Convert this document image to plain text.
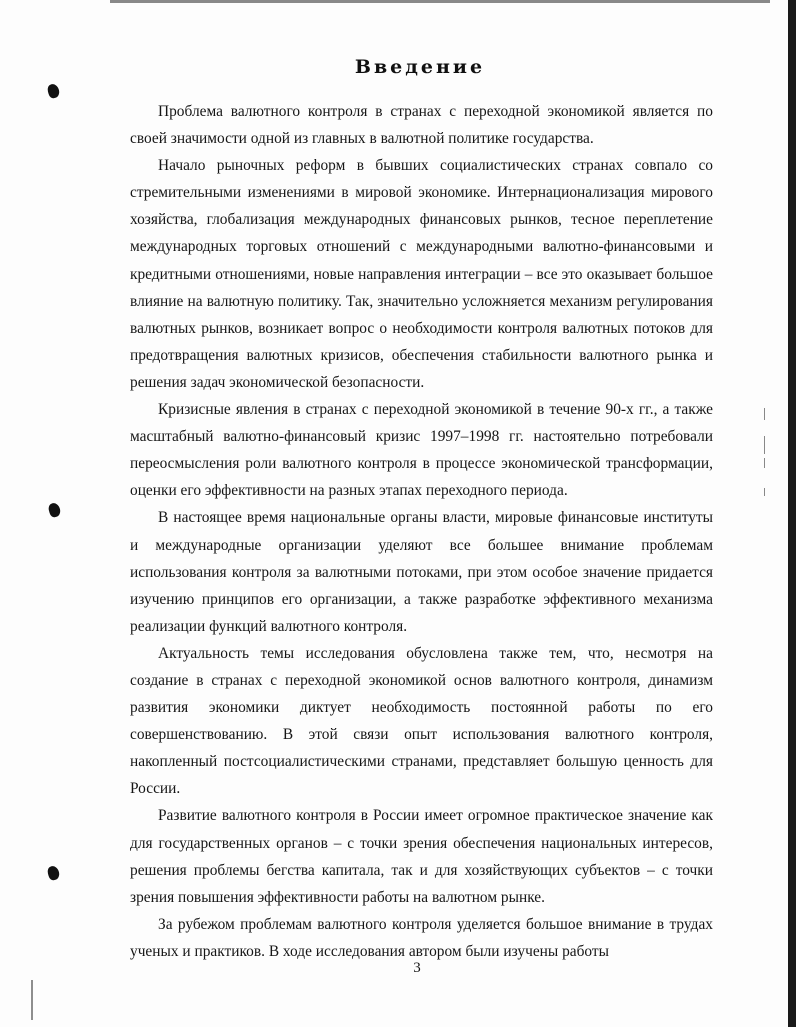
Введение

Проблема валютного контроля в странах с переходной экономикой является по своей значимости одной из главных в валютной политике государства.

Начало рыночных реформ в бывших социалистических странах совпало со стремительными изменениями в мировой экономике. Интернационализация мирового хозяйства, глобализация международных финансовых рынков, тесное переплетение международных торговых отношений с международными валютно-финансовыми и кредитными отношениями, новые направления интеграции – все это оказывает большое влияние на валютную политику. Так, значительно усложняется механизм регулирования валютных рынков, возникает вопрос о необходимости контроля валютных потоков для предотвращения валютных кризисов, обеспечения стабильности валютного рынка и решения задач экономической безопасности.

Кризисные явления в странах с переходной экономикой в течение 90-х гг., а также масштабный валютно-финансовый кризис 1997–1998 гг. настоятельно потребовали переосмысления роли валютного контроля в процессе экономической трансформации, оценки его эффективности на разных этапах переходного периода.

В настоящее время национальные органы власти, мировые финансовые институты и международные организации уделяют все большее внимание проблемам использования контроля за валютными потоками, при этом особое значение придается изучению принципов его организации, а также разработке эффективного механизма реализации функций валютного контроля.

Актуальность темы исследования обусловлена также тем, что, несмотря на создание в странах с переходной экономикой основ валютного контроля, динамизм развития экономики диктует необходимость постоянной работы по его совершенствованию. В этой связи опыт использования валютного контроля, накопленный постсоциалистическими странами, представляет большую ценность для России.

Развитие валютного контроля в России имеет огромное практическое значение как для государственных органов – с точки зрения обеспечения национальных интересов, решения проблемы бегства капитала, так и для хозяйствующих субъектов – с точки зрения повышения эффективности работы на валютном рынке.

За рубежом проблемам валютного контроля уделяется большое внимание в трудах ученых и практиков. В ходе исследования автором были изучены работы

3
